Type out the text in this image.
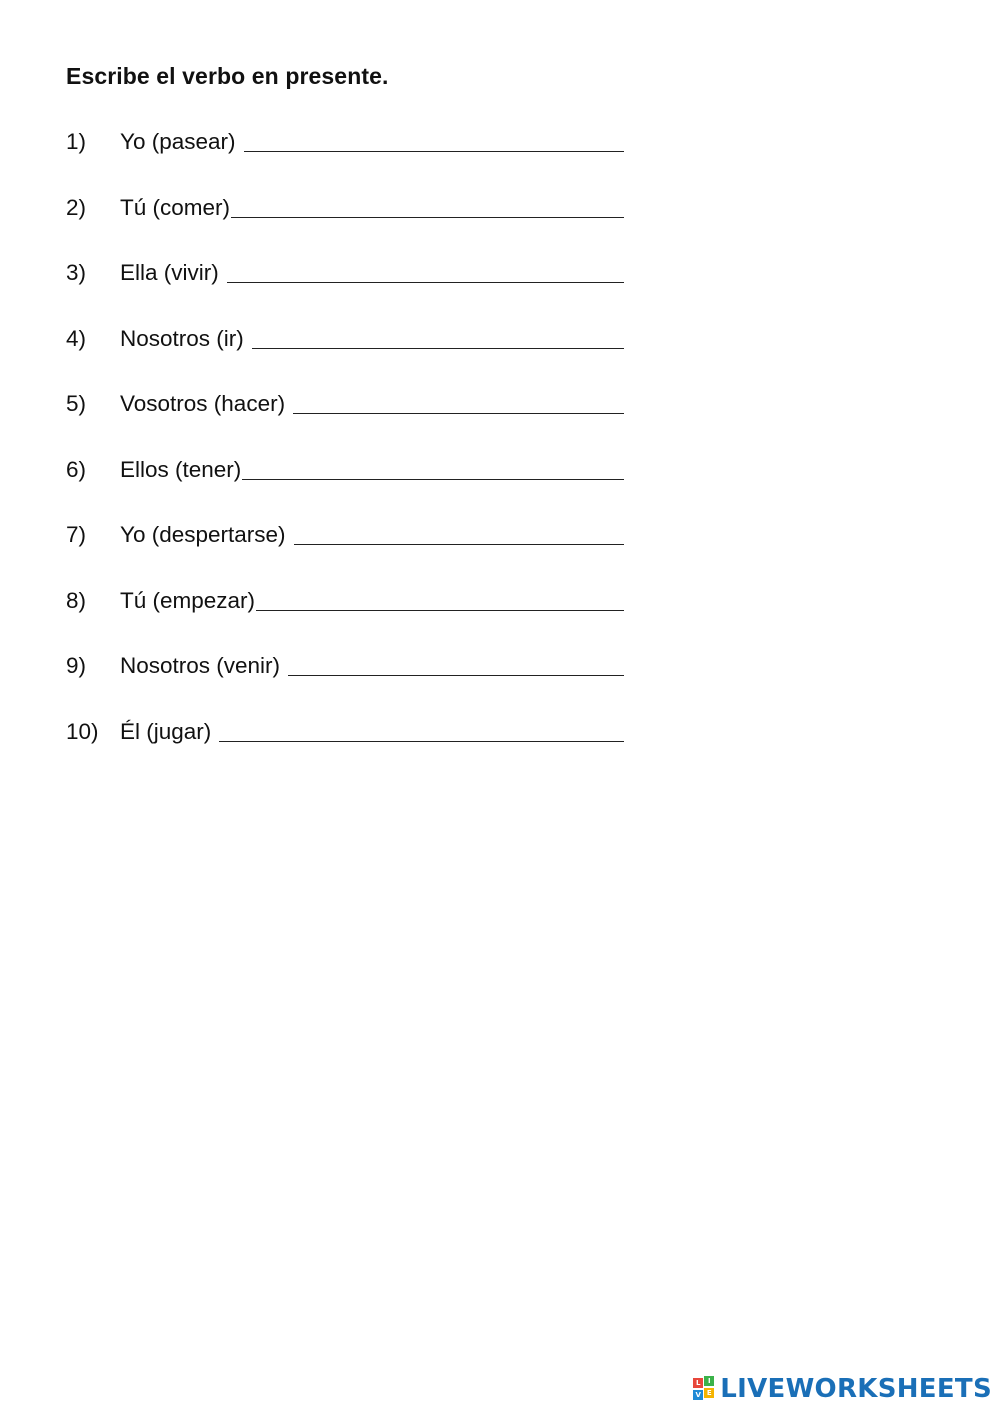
Escribe el verbo en presente.
1)	Yo (pasear)
2)	Tú (comer)
3)	Ella (vivir)
4)	Nosotros (ir)
5)	Vosotros (hacer)
6)	Ellos (tener)
7)	Yo (despertarse)
8)	Tú (empezar)
9)	Nosotros (venir)
10) Él (jugar)
L	I
V E LIVEWORKSHEETS
